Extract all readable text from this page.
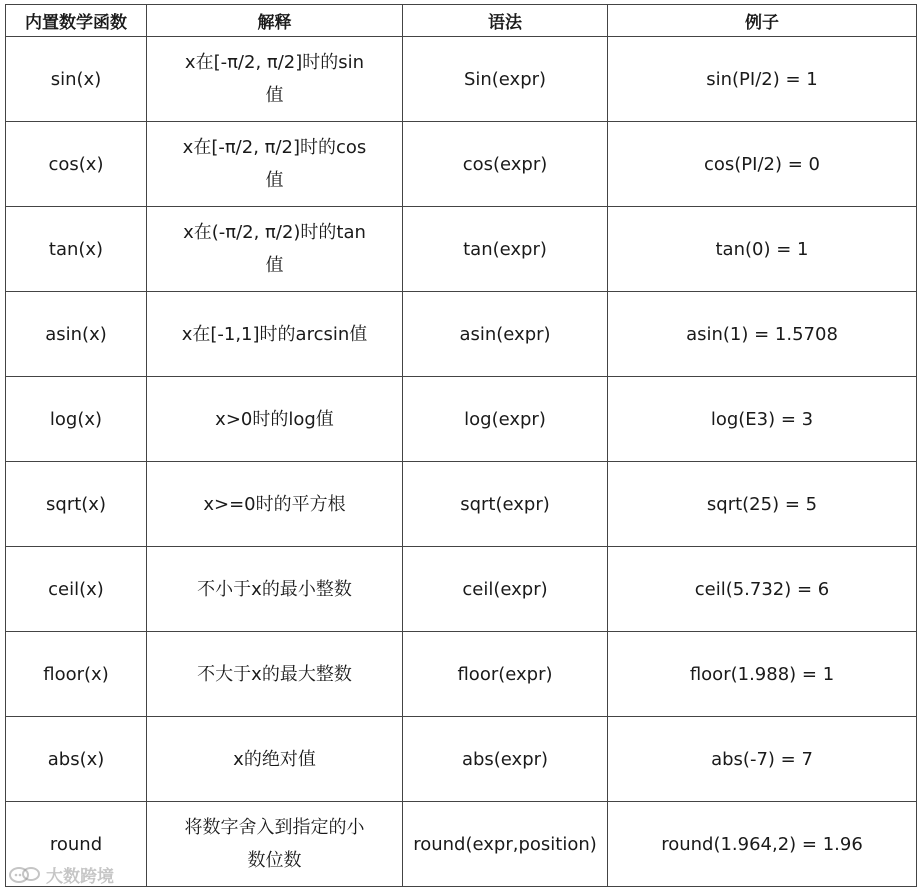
内置数学函数	解释	语法	例子
sin(x)	x在[-π/2, π/2]时的sin值	Sin(expr)	sin(PI/2) = 1
cos(x)	x在[-π/2, π/2]时的cos值	cos(expr)	cos(PI/2) = 0
tan(x)	x在(-π/2, π/2)时的tan值	tan(expr)	tan(0) = 1
asin(x)	x在[-1,1]时的arcsin值	asin(expr)	asin(1) = 1.5708
log(x)	x>0时的log值	log(expr)	log(E3) = 3
sqrt(x)	x>=0时的平方根	sqrt(expr)	sqrt(25) = 5
ceil(x)	不小于x的最小整数	ceil(expr)	ceil(5.732) = 6
floor(x)	不大于x的最大整数	floor(expr)	floor(1.988) = 1
abs(x)	x的绝对值	abs(expr)	abs(-7) = 7
round	将数字舍入到指定的小数位数	round(expr,position)	round(1.964,2) = 1.96
大数跨境
